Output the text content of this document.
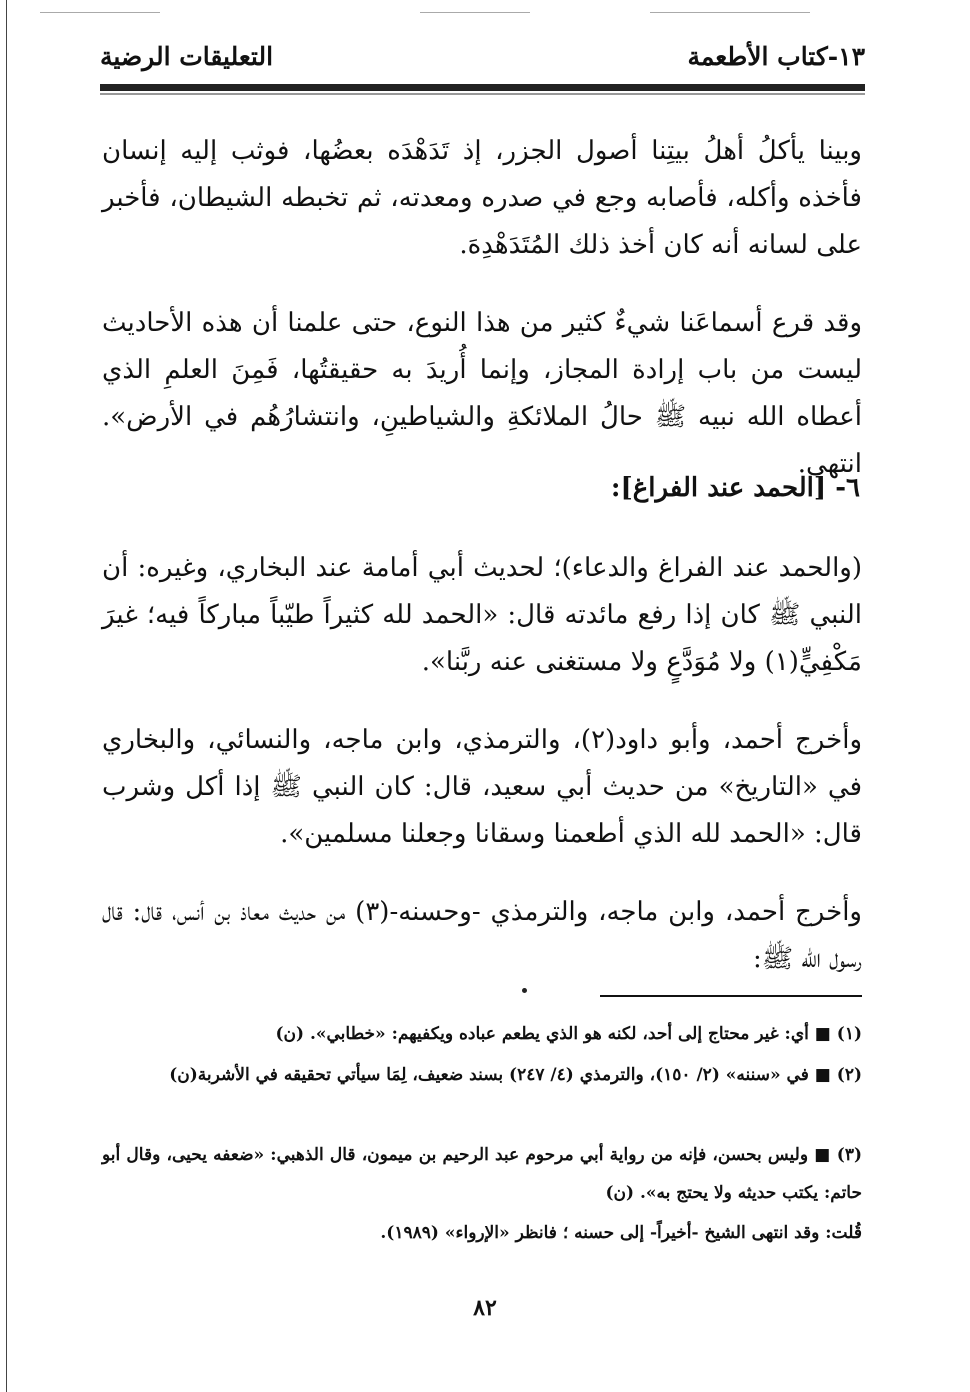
١٣-كتاب الأطعمة
التعليقات الرضية

وبينا يأكلُ أهلُ بيتِنا أصول الجزر، إذ تَدَهْدَه بعضُها، فوثب إليه إنسان فأخذه وأكله، فأصابه وجع في صدره ومعدته، ثم تخبطه الشيطان، فأخبر على لسانه أنه كان أخذ ذلك المُتَدَهْدِهَ.

وقد قرع أسماعَنا شيءٌ كثير من هذا النوع، حتى علمنا أن هذه الأحاديث ليست من باب إرادة المجاز، وإنما أُريدَ به حقيقتُها، فَمِنَ العلمِ الذي أعطاه الله نبيه ﷺ حالُ الملائكةِ والشياطينِ، وانتشارُهُم في الأرض». انتهى.

٦- [الحمد عند الفراغ]:

(والحمد عند الفراغ والدعاء)؛ لحديث أبي أمامة عند البخاري، وغيره: أن النبي ﷺ كان إذا رفع مائدته قال: «الحمد لله كثيراً طيّباً مباركاً فيه؛ غيرَ مَكْفِيٍّ(١) ولا مُوَدَّعٍ ولا مستغنى عنه ربَّنا».

وأخرج أحمد، وأبو داود(٢)، والترمذي، وابن ماجه، والنسائي، والبخاري في «التاريخ» من حديث أبي سعيد، قال: كان النبي ﷺ إذا أكل وشرب قال: «الحمد لله الذي أطعمنا وسقانا وجعلنا مسلمين».

وأخرج أحمد، وابن ماجه، والترمذي -وحسنه-(٣) من حديث معاذ بن أنس، قال: قال رسول الله ﷺ:

(١) ■ أي: غير محتاج إلى أحد، لكنه هو الذي يطعم عباده ويكفيهم: «خطابي». (ن)

(٢) ■ في «سننه» (٢/ ١٥٠)، والترمذي (٤/ ٢٤٧) بسند ضعيف، لِمَا سيأتي تحقيقه في الأشربة(ن)

(٣) ■ وليس بحسن، فإنه من رواية أبي مرحوم عبد الرحيم بن ميمون، قال الذهبي: «ضعفه يحيى، وقال أبو حاتم: يكتب حديثه ولا يحتج به». (ن)

قُلت: وقد انتهى الشيخ -أخيراً- إلى حسنه ؛ فانظر «الإرواء» (١٩٨٩).

٨٢
